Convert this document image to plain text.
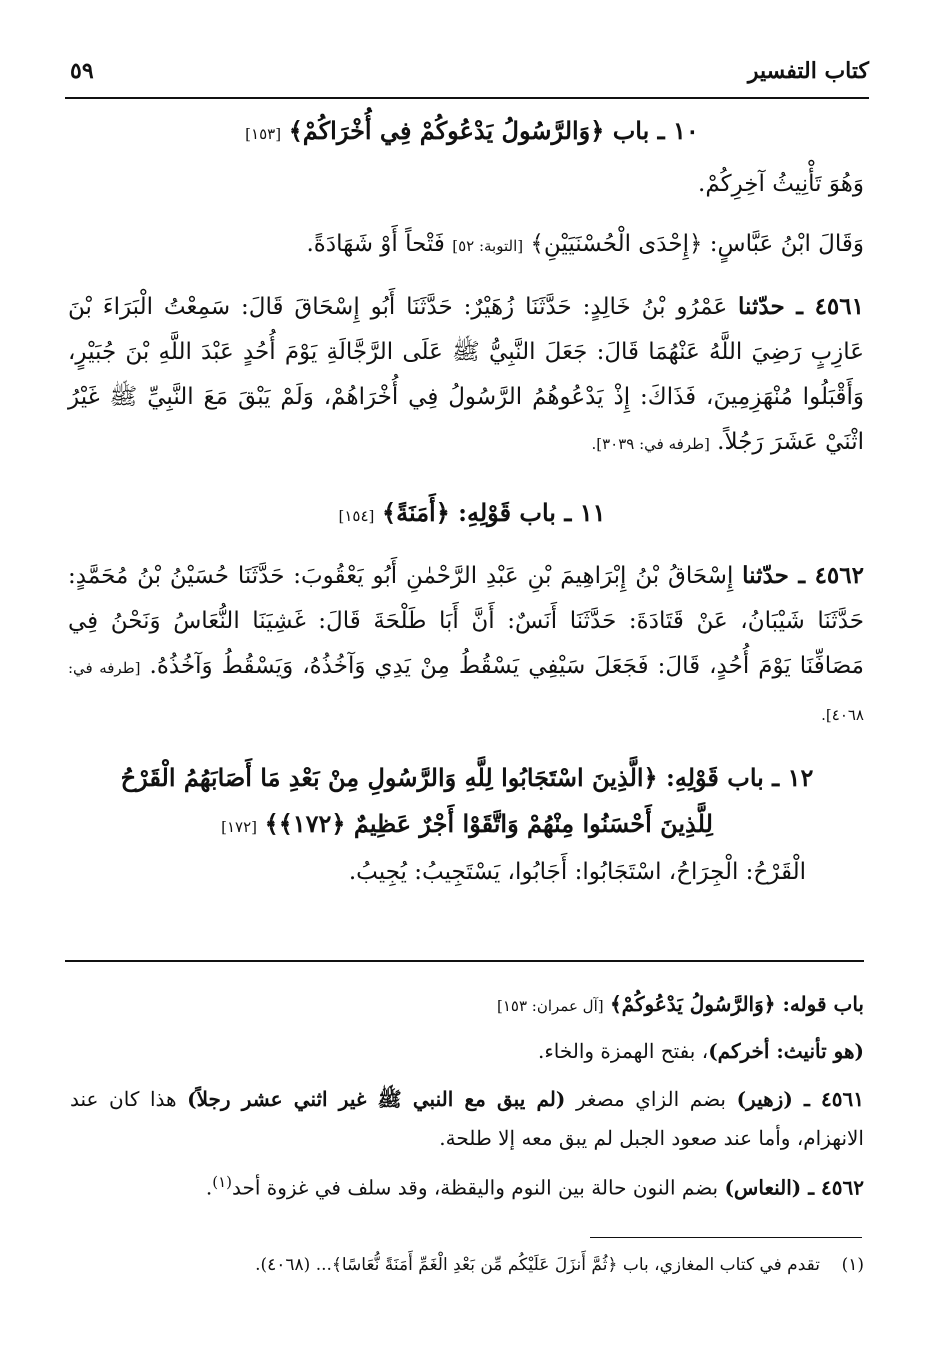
كتاب التفسير
٥٩
١٠ ـ باب ﴿وَالرَّسُولُ يَدْعُوكُمْ فِي أُخْرَاكُمْ﴾ [١٥٣]
وَهُوَ تَأْنِيثُ آخِرِكُمْ.
وَقَالَ ابْنُ عَبَّاسٍ: ﴿إِحْدَى الْحُسْنَيَيْنِ﴾ [التوبة: ٥٢] فَتْحاً أَوْ شَهَادَةً.
٤٥٦١ ـ حدّثنا عَمْرُو بْنُ خَالِدٍ: حَدَّثَنَا زُهَيْرٌ: حَدَّثَنَا أَبُو إِسْحَاقَ قَالَ: سَمِعْتُ الْبَرَاءَ بْنَ عَازِبٍ رَضِيَ اللَّهُ عَنْهُمَا قَالَ: جَعَلَ النَّبِيُّ ﷺ عَلَى الرَّجَّالَةِ يَوْمَ أُحُدٍ عَبْدَ اللَّهِ بْنَ جُبَيْرٍ، وَأَقْبَلُوا مُنْهَزِمِينَ، فَذَاكَ: إِذْ يَدْعُوهُمُ الرَّسُولُ فِي أُخْرَاهُمْ، وَلَمْ يَبْقَ مَعَ النَّبِيِّ ﷺ غَيْرُ اثْنَيْ عَشَرَ رَجُلاً. [طرفه في: ٣٠٣٩].
١١ ـ باب قَوْلِهِ: ﴿أَمَنَةً﴾ [١٥٤]
٤٥٦٢ ـ حدّثنا إِسْحَاقُ بْنُ إِبْرَاهِيمَ بْنِ عَبْدِ الرَّحْمٰنِ أَبُو يَعْقُوبَ: حَدَّثَنَا حُسَيْنُ بْنُ مُحَمَّدٍ: حَدَّثَنَا شَيْبَانُ، عَنْ قَتَادَةَ: حَدَّثَنَا أَنَسٌ: أَنَّ أَبَا طَلْحَةَ قَالَ: غَشِيَنَا النُّعَاسُ وَنَحْنُ فِي مَصَافِّنَا يَوْمَ أُحُدٍ، قَالَ: فَجَعَلَ سَيْفِي يَسْقُطُ مِنْ يَدِي وَآخُذُهُ، وَيَسْقُطُ وَآخُذُهُ. [طرفه في: ٤٠٦٨].
١٢ ـ باب قَوْلِهِ: ﴿الَّذِينَ اسْتَجَابُوا لِلَّهِ وَالرَّسُولِ مِنْ بَعْدِ مَا أَصَابَهُمُ الْقَرْحُ لِلَّذِينَ أَحْسَنُوا مِنْهُمْ وَاتَّقَوْا أَجْرٌ عَظِيمٌ ﴿١٧٢﴾﴾ [١٧٢]
الْقَرْحُ: الْجِرَاحُ، اسْتَجَابُوا: أَجَابُوا، يَسْتَجِيبُ: يُجِيبُ.
باب قوله: ﴿وَالرَّسُولُ يَدْعُوكُمْ﴾ [آل عمران: ١٥٣]
(هو تأنيث: أخركم)، بفتح الهمزة والخاء.
٤٥٦١ ـ (زهير) بضم الزاي مصغر (لم يبق مع النبي ﷺ غير اثني عشر رجلاً) هذا كان عند الانهزام، وأما عند صعود الجبل لم يبق معه إلا طلحة.
٤٥٦٢ ـ (النعاس) بضم النون حالة بين النوم واليقظة، وقد سلف في غزوة أحد$^{(١)}$.
(١)    تقدم في كتاب المغازي، باب ﴿ثُمَّ أَنزَلَ عَلَيْكُم مِّن بَعْدِ الْغَمِّ أَمَنَةً نُّعَاسًا﴾... (٤٠٦٨).
